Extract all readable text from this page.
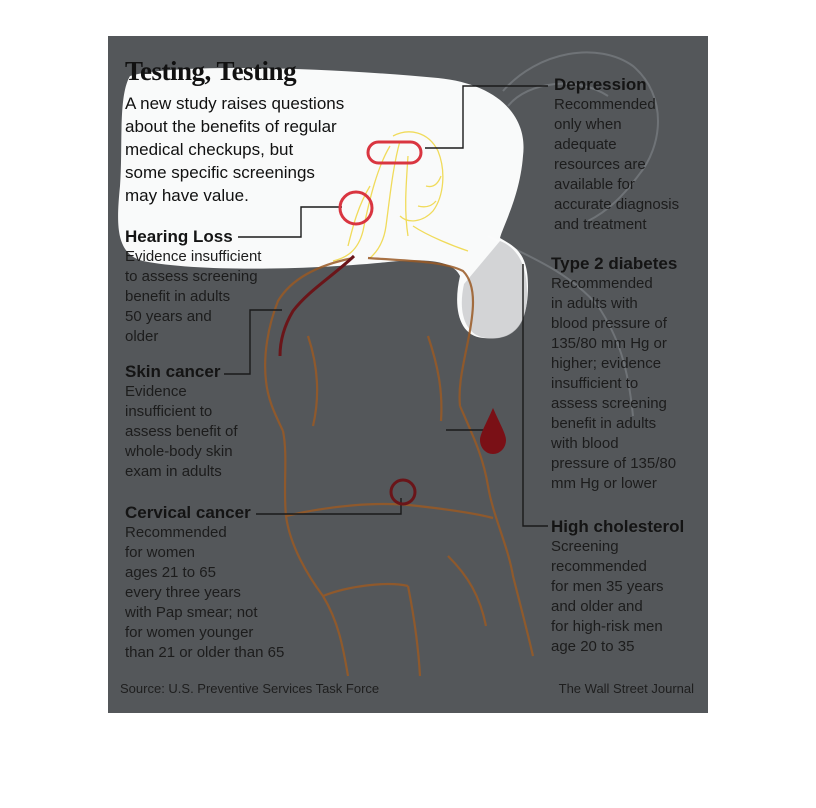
Testing, Testing
A new study raises questions
about the benefits of regular
medical checkups, but
some specific screenings
may have value.
Depression
Recommended
only when
adequate
resources are
available for
accurate diagnosis
and treatment
Hearing Loss
Evidence insufficient
to assess screening
benefit in adults
50 years and
older
Skin cancer
Evidence
insufficient to
assess benefit of
whole-body skin
exam in adults
Cervical cancer
Recommended
for women
ages 21 to 65
every three years
with Pap smear; not
for women younger
than 21 or older than 65
Type 2 diabetes
Recommended
in adults with
blood pressure of
135/80 mm Hg or
higher; evidence
insufficient to
assess screening
benefit in adults
with blood
pressure of 135/80
mm Hg or lower
High cholesterol
Screening
recommended
for men 35 years
and older and
for high-risk men
age 20 to 35
Source: U.S. Preventive Services Task Force	The Wall Street Journal
